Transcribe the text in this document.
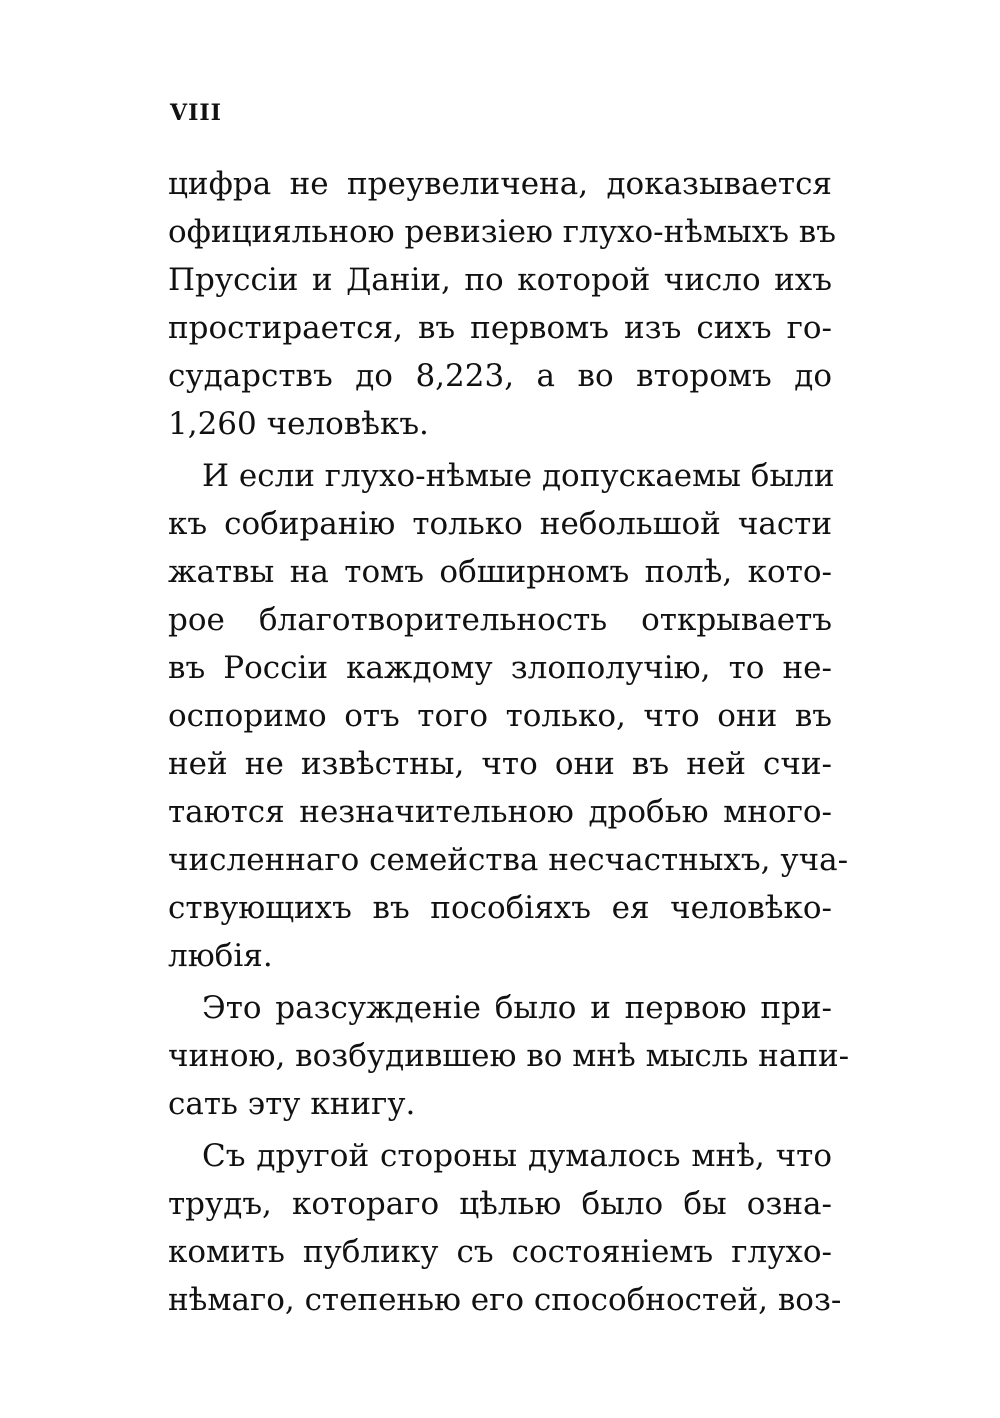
VIII
цифра не преувеличена, доказывается
официяльною ревизiею глухо-нѣмыхъ въ
Пруссiи и Данiи, по которой число ихъ
простирается, въ первомъ изъ сихъ го-
сударствъ до 8,223, а во второмъ до
1,260 человѣкъ.
И если глухо-нѣмые допускаемы были
къ собиранiю только небольшой части
жатвы на томъ обширномъ полѣ, кото-
рое благотворительность открываетъ
въ Россiи каждому злополучiю, то не-
оспоримо отъ того только, что они въ
ней не извѣстны, что они въ ней счи-
таются незначительною дробью много-
численнаго семейства несчастныхъ, уча-
ствующихъ въ пособiяхъ ея человѣко-
любiя.
Это разсужденiе было и первою при-
чиною, возбудившею во мнѣ мысль напи-
сать эту книгу.
Съ другой стороны думалось мнѣ, что
трудъ, котораго цѣлью было бы озна-
комить публику съ состоянiемъ глухо-
нѣмаго, степенью его способностей, воз-
